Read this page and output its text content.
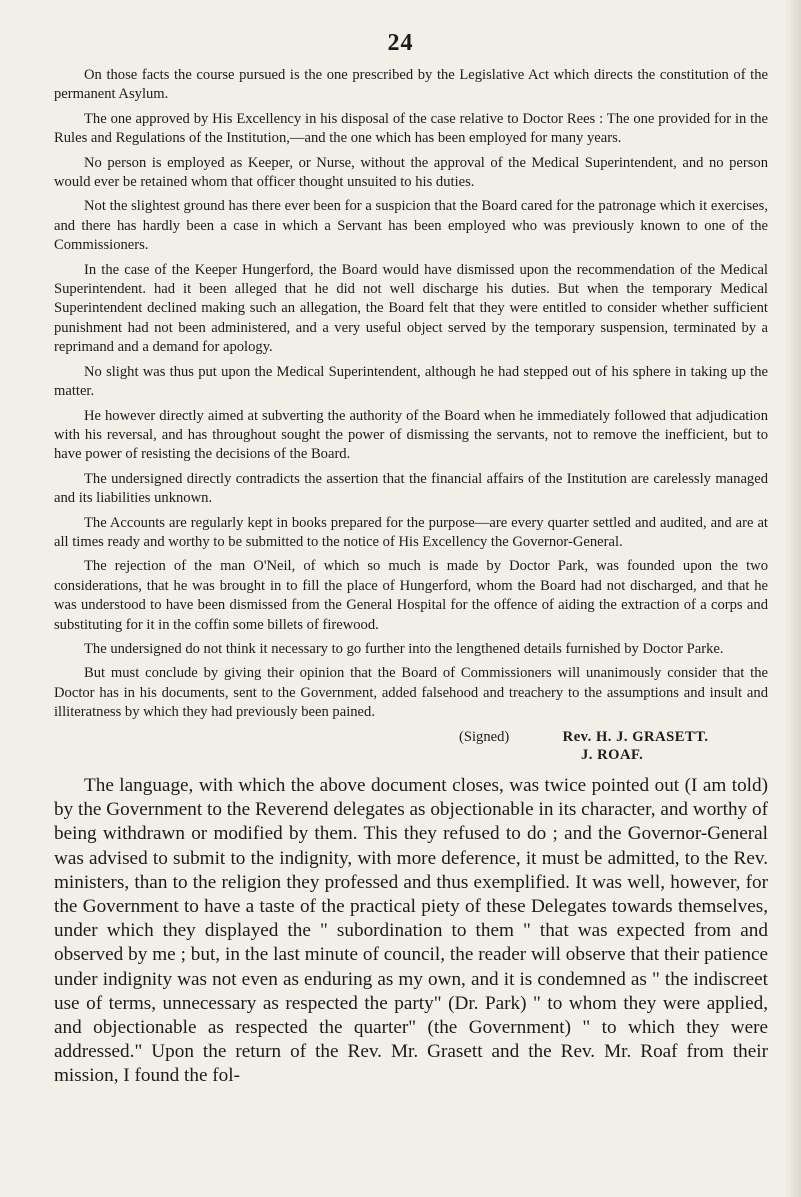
24

On those facts the course pursued is the one prescribed by the Legislative Act which directs the constitution of the permanent Asylum.

The one approved by His Excellency in his disposal of the case relative to Doctor Rees : The one provided for in the Rules and Regulations of the Institution,—and the one which has been employed for many years.

No person is employed as Keeper, or Nurse, without the approval of the Medical Superintendent, and no person would ever be retained whom that officer thought unsuited to his duties.

Not the slightest ground has there ever been for a suspicion that the Board cared for the patronage which it exercises, and there has hardly been a case in which a Servant has been employed who was previously known to one of the Commissioners.

In the case of the Keeper Hungerford, the Board would have dismissed upon the recommendation of the Medical Superintendent. had it been alleged that he did not well discharge his duties. But when the temporary Medical Superintendent declined making such an allegation, the Board felt that they were entitled to consider whether sufficient punishment had not been administered, and a very useful object served by the temporary suspension, terminated by a reprimand and a demand for apology.

No slight was thus put upon the Medical Superintendent, although he had stepped out of his sphere in taking up the matter.

He however directly aimed at subverting the authority of the Board when he immediately followed that adjudication with his reversal, and has throughout sought the power of dismissing the servants, not to remove the inefficient, but to have power of resisting the decisions of the Board.

The undersigned directly contradicts the assertion that the financial affairs of the Institution are carelessly managed and its liabilities unknown.

The Accounts are regularly kept in books prepared for the purpose—are every quarter settled and audited, and are at all times ready and worthy to be submitted to the notice of His Excellency the Governor-General.

The rejection of the man O'Neil, of which so much is made by Doctor Park, was founded upon the two considerations, that he was brought in to fill the place of Hungerford, whom the Board had not discharged, and that he was understood to have been dismissed from the General Hospital for the offence of aiding the extraction of a corps and substituting for it in the coffin some billets of firewood.

The undersigned do not think it necessary to go further into the lengthened details furnished by Doctor Parke.

But must conclude by giving their opinion that the Board of Commissioners will unanimously consider that the Doctor has in his documents, sent to the Government, added falsehood and treachery to the assumptions and insult and illiteratness by which they had previously been pained.

(Signed)	Rev. H. J. GRASETT.
J. ROAF.

The language, with which the above document closes, was twice pointed out (I am told) by the Government to the Reverend delegates as objectionable in its character, and worthy of being withdrawn or modified by them. This they refused to do ; and the Governor-General was advised to submit to the indignity, with more deference, it must be admitted, to the Rev. ministers, than to the religion they professed and thus exemplified. It was well, however, for the Government to have a taste of the practical piety of these Delegates towards themselves, under which they displayed the " subordination to them " that was expected from and observed by me ; but, in the last minute of council, the reader will observe that their patience under indignity was not even as enduring as my own, and it is condemned as " the indiscreet use of terms, unnecessary as respected the party" (Dr. Park) " to whom they were applied, and objectionable as respected the quarter" (the Government) " to which they were addressed." Upon the return of the Rev. Mr. Grasett and the Rev. Mr. Roaf from their mission, I found the fol-
